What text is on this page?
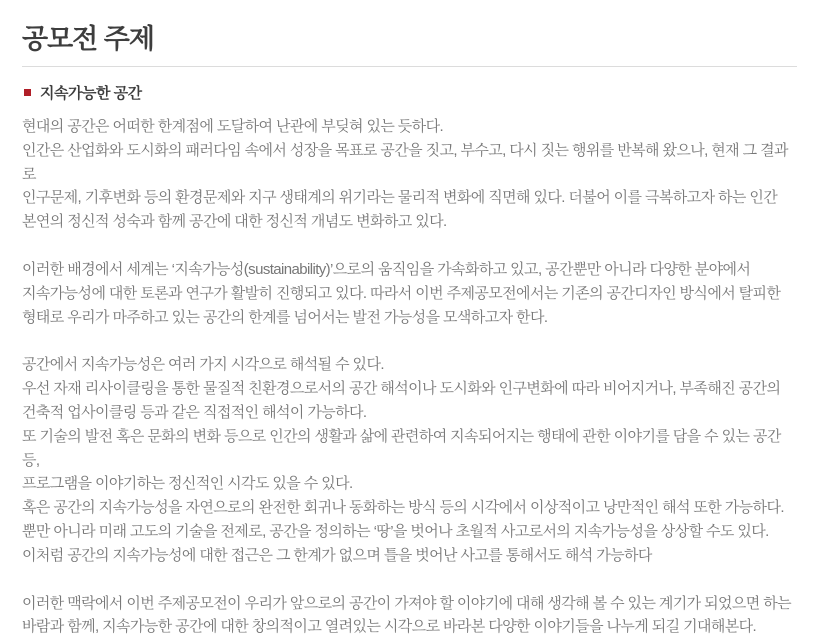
공모전 주제
지속가능한 공간

현대의 공간은 어떠한 한계점에 도달하여 난관에 부딪혀 있는 듯하다.
인간은 산업화와 도시화의 패러다임 속에서 성장을 목표로 공간을 짓고, 부수고, 다시 짓는 행위를 반복해 왔으나, 현재 그 결과로
인구문제, 기후변화 등의 환경문제와 지구 생태계의 위기라는 물리적 변화에 직면해 있다. 더불어 이를 극복하고자 하는 인간
본연의 정신적 성숙과 함께 공간에 대한 정신적 개념도 변화하고 있다.

이러한 배경에서 세계는 ‘지속가능성(sustainability)’으로의 움직임을 가속화하고 있고, 공간뿐만 아니라 다양한 분야에서
지속가능성에 대한 토론과 연구가 활발히 진행되고 있다. 따라서 이번 주제공모전에서는 기존의 공간디자인 방식에서 탈피한
형태로 우리가 마주하고 있는 공간의 한계를 넘어서는 발전 가능성을 모색하고자 한다.

공간에서 지속가능성은 여러 가지 시각으로 해석될 수 있다.
우선 자재 리사이클링을 통한 물질적 친환경으로서의 공간 해석이나 도시화와 인구변화에 따라 비어지거나, 부족해진 공간의
건축적 업사이클링 등과 같은 직접적인 해석이 가능하다.
또 기술의 발전 혹은 문화의 변화 등으로 인간의 생활과 삶에 관련하여 지속되어지는 행태에 관한 이야기를 담을 수 있는 공간 등,
프로그램을 이야기하는 정신적인 시각도 있을 수 있다.
혹은 공간의 지속가능성을 자연으로의 완전한 회귀나 동화하는 방식 등의 시각에서 이상적이고 낭만적인 해석 또한 가능하다.
뿐만 아니라 미래 고도의 기술을 전제로, 공간을 정의하는 ‘땅’을 벗어나 초월적 사고로서의 지속가능성을 상상할 수도 있다.
이처럼 공간의 지속가능성에 대한 접근은 그 한계가 없으며 틀을 벗어난 사고를 통해서도 해석 가능하다

이러한 맥락에서 이번 주제공모전이 우리가 앞으로의 공간이 가져야 할 이야기에 대해 생각해 볼 수 있는 계기가 되었으면 하는
바람과 함께, 지속가능한 공간에 대한 창의적이고 열려있는 시각으로 바라본 다양한 이야기들을 나누게 되길 기대해본다.
